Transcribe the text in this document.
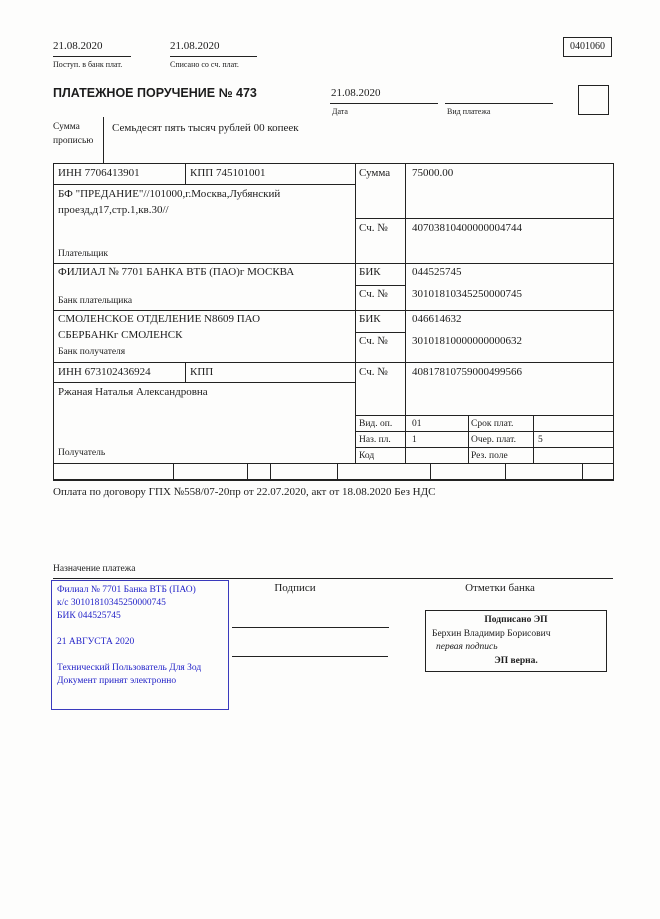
21.08.2020
Поступ. в банк плат.
21.08.2020
Списано со сч. плат.
0401060
ПЛАТЕЖНОЕ ПОРУЧЕНИЕ № 473	21.08.2020
Дата	Вид платежа
Сумма
прописью
Семьдесят пять тысяч рублей 00 копеек
ИНН 7706413901	КПП 745101001	Сумма 75000.00
БФ "ПРЕДАНИЕ"//101000,г.Москва,Лубянский
проезд,д17,стр.1,кв.30//
Сч. № 40703810400000004744
Плательщик
ФИЛИАЛ № 7701 БАНКА ВТБ (ПАО)г МОСКВА	БИК	044525745
Сч. № 30101810345250000745
Банк плательщика
СМОЛЕНСКОЕ ОТДЕЛЕНИЕ N8609 ПАО
СБЕРБАНКг СМОЛЕНСК
БИК	046614632
Сч. № 30101810000000000632
Банк получателя
ИНН 673102436924	КПП	Сч. № 40817810759000499566
Ржаная Наталья Александровна
Получатель
Вид. оп. 01	Срок плат.
Наз. пл. 1	Очер. плат. 5
Код	Рез. поле
Оплата по договору ГПХ №558/07-20пр от 22.07.2020, акт от 18.08.2020 Без НДС
Назначение платежа
Подписи	Отметки банка
Филиал № 7701 Банка ВТБ (ПАО)
к/с 30101810345250000745
БИК 044525745
21 АВГУСТА 2020
Технический Пользователь Для Зод
Документ принят электронно
Подписано ЭП
Берхин Владимир Борисович
первая подпись
ЭП верна.
